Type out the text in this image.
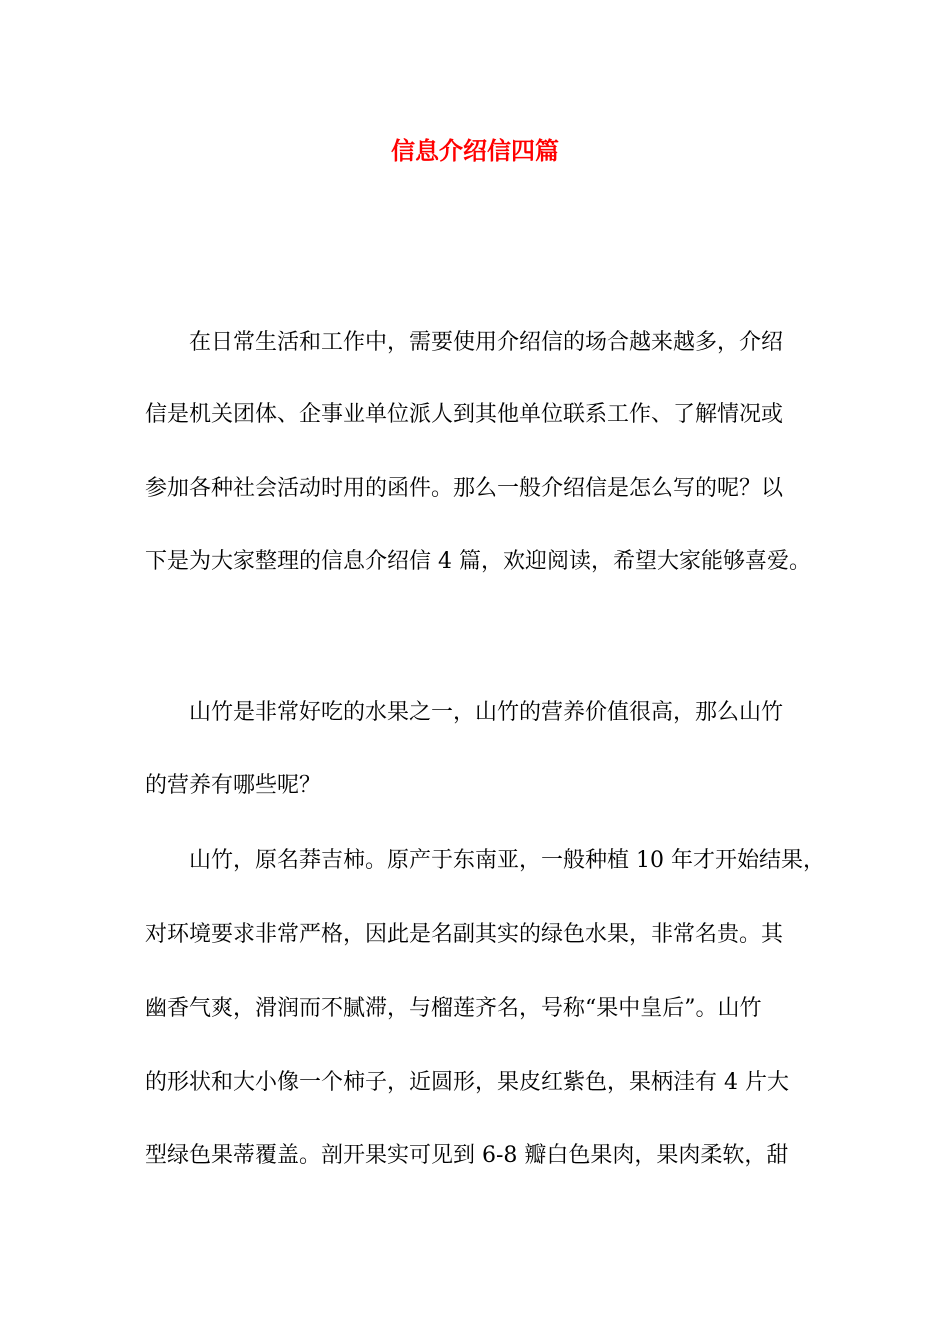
信息介绍信四篇

在日常生活和工作中，需要使用介绍信的场合越来越多，介绍

信是机关团体、企事业单位派人到其他单位联系工作、了解情况或

参加各种社会活动时用的函件。那么一般介绍信是怎么写的呢？以

下是为大家整理的信息介绍信 4 篇，欢迎阅读，希望大家能够喜爱。

山竹是非常好吃的水果之一，山竹的营养价值很高，那么山竹

的营养有哪些呢？

山竹，原名莽吉柿。原产于东南亚，一般种植 10 年才开始结果，

对环境要求非常严格，因此是名副其实的绿色水果，非常名贵。其

幽香气爽，滑润而不腻滞，与榴莲齐名，号称“果中皇后”。山竹

的形状和大小像一个柿子，近圆形，果皮红紫色，果柄洼有 4 片大

型绿色果蒂覆盖。剖开果实可见到 6-8 瓣白色果肉，果肉柔软，甜
